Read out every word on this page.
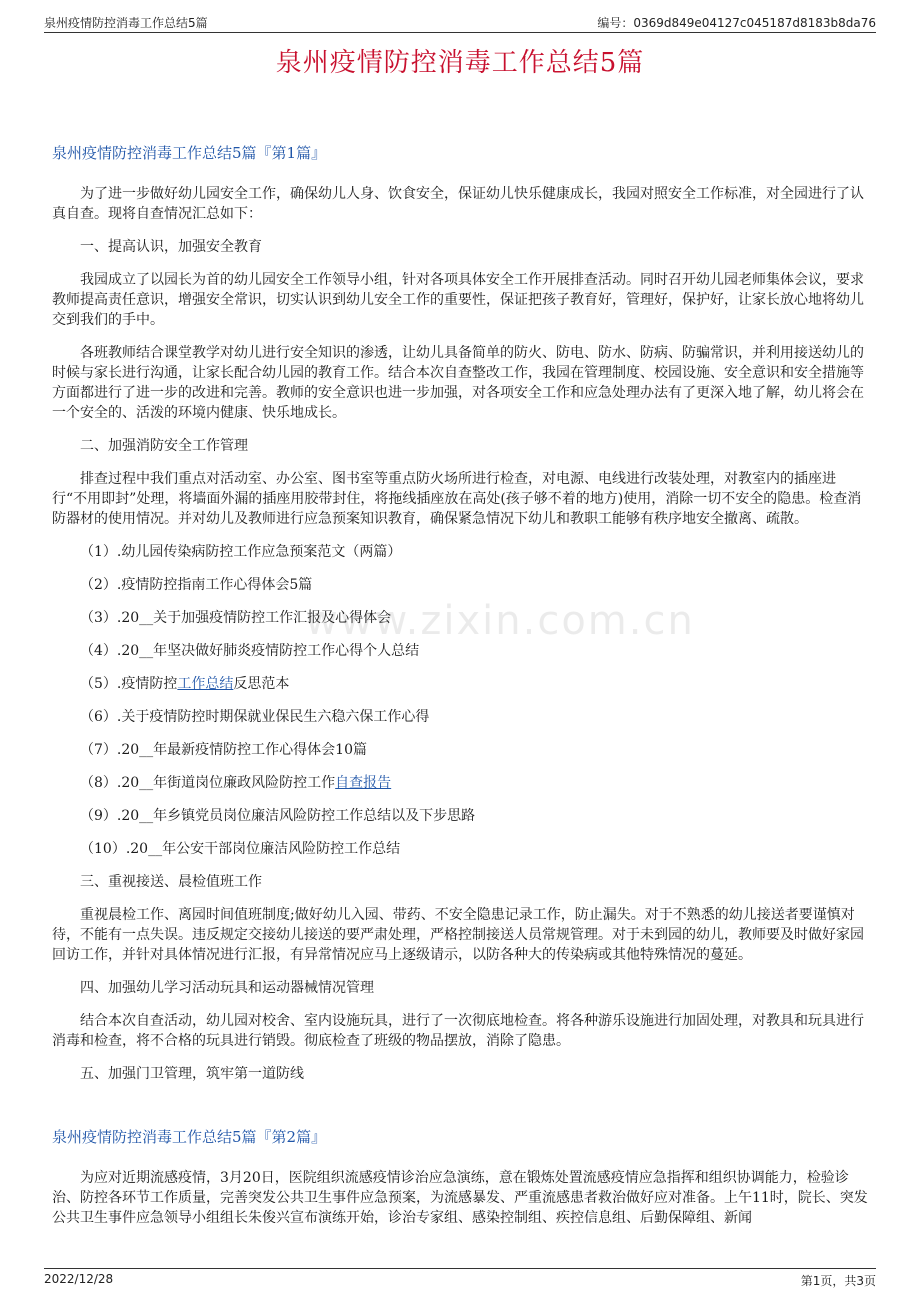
泉州疫情防控消毒工作总结5篇	编号：0369d849e04127c045187d8183b8da76
泉州疫情防控消毒工作总结5篇
www.zixin.com.cn
泉州疫情防控消毒工作总结5篇『第1篇』

为了进一步做好幼儿园安全工作，确保幼儿人身、饮食安全，保证幼儿快乐健康成长，我园对照安全工作标准，对全园进行了认真自查。现将自查情况汇总如下：

一、提高认识，加强安全教育

我园成立了以园长为首的幼儿园安全工作领导小组，针对各项具体安全工作开展排查活动。同时召开幼儿园老师集体会议，要求教师提高责任意识，增强安全常识，切实认识到幼儿安全工作的重要性，保证把孩子教育好，管理好，保护好，让家长放心地将幼儿交到我们的手中。

各班教师结合课堂教学对幼儿进行安全知识的渗透，让幼儿具备简单的防火、防电、防水、防病、防骗常识，并利用接送幼儿的时候与家长进行沟通，让家长配合幼儿园的教育工作。结合本次自查整改工作，我园在管理制度、校园设施、安全意识和安全措施等方面都进行了进一步的改进和完善。教师的安全意识也进一步加强，对各项安全工作和应急处理办法有了更深入地了解，幼儿将会在一个安全的、活泼的环境内健康、快乐地成长。

二、加强消防安全工作管理

排查过程中我们重点对活动室、办公室、图书室等重点防火场所进行检查，对电源、电线进行改装处理，对教室内的插座进行“不用即封”处理，将墙面外漏的插座用胶带封住，将拖线插座放在高处(孩子够不着的地方)使用，消除一切不安全的隐患。检查消防器材的使用情况。并对幼儿及教师进行应急预案知识教育，确保紧急情况下幼儿和教职工能够有秩序地安全撤离、疏散。

（1）.幼儿园传染病防控工作应急预案范文（两篇）

（2）.疫情防控指南工作心得体会5篇

（3）.20__关于加强疫情防控工作汇报及心得体会

（4）.20__年坚决做好肺炎疫情防控工作心得个人总结

（5）.疫情防控工作总结反思范本

（6）.关于疫情防控时期保就业保民生六稳六保工作心得

（7）.20__年最新疫情防控工作心得体会10篇

（8）.20__年街道岗位廉政风险防控工作自查报告

（9）.20__年乡镇党员岗位廉洁风险防控工作总结以及下步思路

（10）.20__年公安干部岗位廉洁风险防控工作总结

三、重视接送、晨检值班工作

重视晨检工作、离园时间值班制度;做好幼儿入园、带药、不安全隐患记录工作，防止漏失。对于不熟悉的幼儿接送者要谨慎对待，不能有一点失误。违反规定交接幼儿接送的要严肃处理，严格控制接送人员常规管理。对于未到园的幼儿，教师要及时做好家园回访工作，并针对具体情况进行汇报，有异常情况应马上逐级请示，以防各种大的传染病或其他特殊情况的蔓延。

四、加强幼儿学习活动玩具和运动器械情况管理

结合本次自查活动，幼儿园对校舍、室内设施玩具，进行了一次彻底地检查。将各种游乐设施进行加固处理，对教具和玩具进行消毒和检查，将不合格的玩具进行销毁。彻底检查了班级的物品摆放，消除了隐患。

五、加强门卫管理，筑牢第一道防线

泉州疫情防控消毒工作总结5篇『第2篇』

为应对近期流感疫情，3月20日，医院组织流感疫情诊治应急演练，意在锻炼处置流感疫情应急指挥和组织协调能力，检验诊治、防控各环节工作质量，完善突发公共卫生事件应急预案，为流感暴发、严重流感患者救治做好应对准备。上午11时，院长、突发公共卫生事件应急领导小组组长朱俊兴宣布演练开始，诊治专家组、感染控制组、疾控信息组、后勤保障组、新闻

2022/12/28	第1页，共3页
